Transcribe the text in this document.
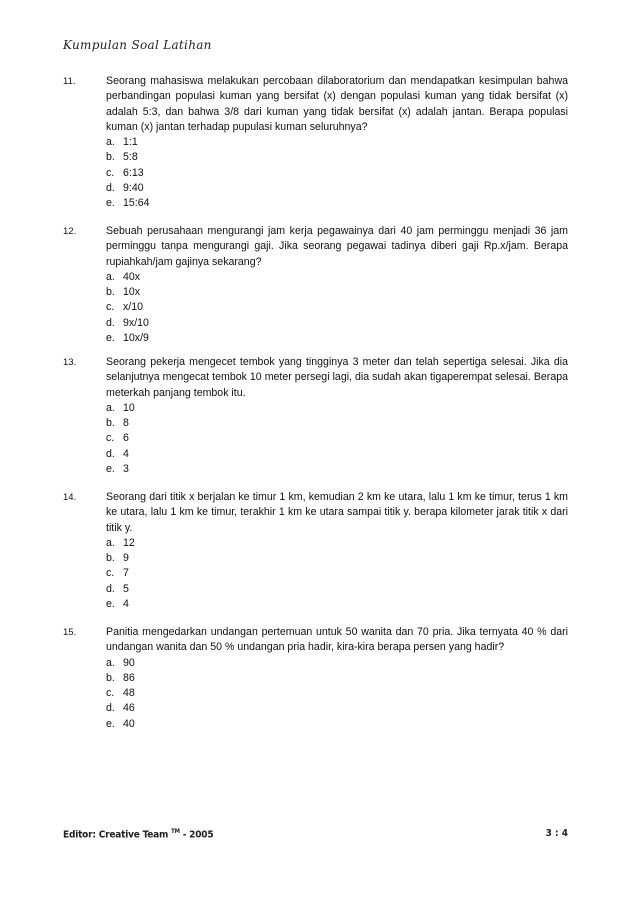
Kumpulan Soal Latihan
11.	Seorang mahasiswa melakukan percobaan dilaboratorium dan mendapatkan kesimpulan bahwa perbandingan populasi kuman yang bersifat (x) dengan populasi kuman yang tidak bersifat (x) adalah 5:3, dan bahwa 3/8 dari kuman yang tidak bersifat (x) adalah jantan. Berapa populasi kuman (x) jantan terhadap pupulasi kuman seluruhnya?
a. 1:1
b. 5:8
c. 6:13
d. 9:40
e. 15:64
12.	Sebuah perusahaan mengurangi jam kerja pegawainya dari 40 jam perminggu menjadi 36 jam perminggu tanpa mengurangi gaji. Jika seorang pegawai tadinya diberi gaji Rp.x/jam. Berapa rupiahkah/jam gajinya sekarang?
a. 40x
b. 10x
c. x/10
d. 9x/10
e. 10x/9
13.	Seorang pekerja mengecet tembok yang tingginya 3 meter dan telah sepertiga selesai. Jika dia selanjutnya mengecat tembok 10 meter persegi lagi, dia sudah akan tigaperempat selesai. Berapa meterkah panjang tembok itu.
a. 10
b. 8
c. 6
d. 4
e. 3
14.	Seorang dari titik x berjalan ke timur 1 km, kemudian 2 km ke utara, lalu 1 km ke timur, terus 1 km ke utara, lalu 1 km ke timur, terakhir 1 km ke utara sampai titik y. berapa kilometer jarak titik x dari titik y.
a. 12
b. 9
c. 7
d. 5
e. 4
15.	Panitia mengedarkan undangan pertemuan untuk 50 wanita dan 70 pria. Jika ternyata 40 % dari undangan wanita dan 50 % undangan pria hadir, kira-kira berapa persen yang hadir?
a. 90
b. 86
c. 48
d. 46
e. 40
Editor: Creative Team ™ - 2005	3 : 4
